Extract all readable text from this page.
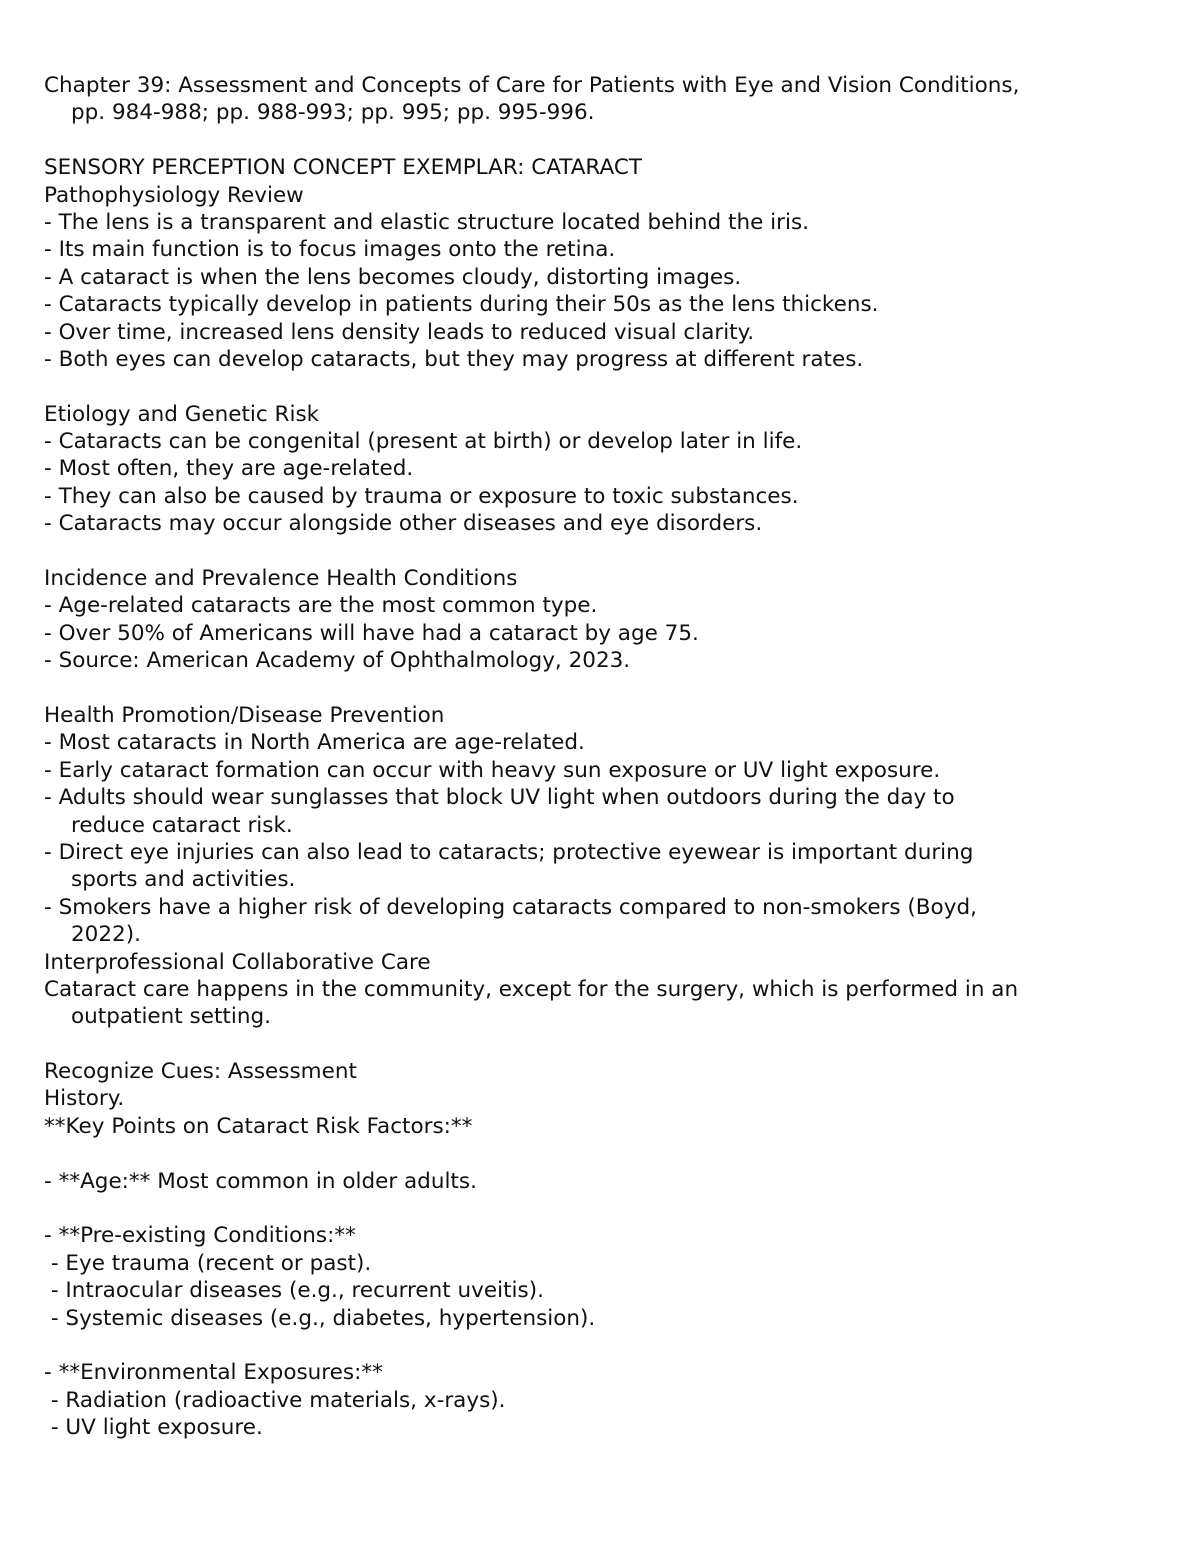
Chapter 39: Assessment and Concepts of Care for Patients with Eye and Vision Conditions,
pp. 984-988; pp. 988-993; pp. 995; pp. 995-996.
SENSORY PERCEPTION CONCEPT EXEMPLAR: CATARACT
Pathophysiology Review
- The lens is a transparent and elastic structure located behind the iris.
- Its main function is to focus images onto the retina.
- A cataract is when the lens becomes cloudy, distorting images.
- Cataracts typically develop in patients during their 50s as the lens thickens.
- Over time, increased lens density leads to reduced visual clarity.
- Both eyes can develop cataracts, but they may progress at different rates.
Etiology and Genetic Risk
- Cataracts can be congenital (present at birth) or develop later in life.
- Most often, they are age-related.
- They can also be caused by trauma or exposure to toxic substances.
- Cataracts may occur alongside other diseases and eye disorders.
Incidence and Prevalence Health Conditions
- Age-related cataracts are the most common type.
- Over 50% of Americans will have had a cataract by age 75.
- Source: American Academy of Ophthalmology, 2023.
Health Promotion/Disease Prevention
- Most cataracts in North America are age-related.
- Early cataract formation can occur with heavy sun exposure or UV light exposure.
- Adults should wear sunglasses that block UV light when outdoors during the day to
reduce cataract risk.
- Direct eye injuries can also lead to cataracts; protective eyewear is important during
sports and activities.
- Smokers have a higher risk of developing cataracts compared to non-smokers (Boyd,
2022).
Interprofessional Collaborative Care
Cataract care happens in the community, except for the surgery, which is performed in an
outpatient setting.
Recognize Cues: Assessment
History.
**Key Points on Cataract Risk Factors:**
- **Age:** Most common in older adults.
- **Pre-existing Conditions:**
- Eye trauma (recent or past).
- Intraocular diseases (e.g., recurrent uveitis).
- Systemic diseases (e.g., diabetes, hypertension).
- **Environmental Exposures:**
- Radiation (radioactive materials, x-rays).
- UV light exposure.
